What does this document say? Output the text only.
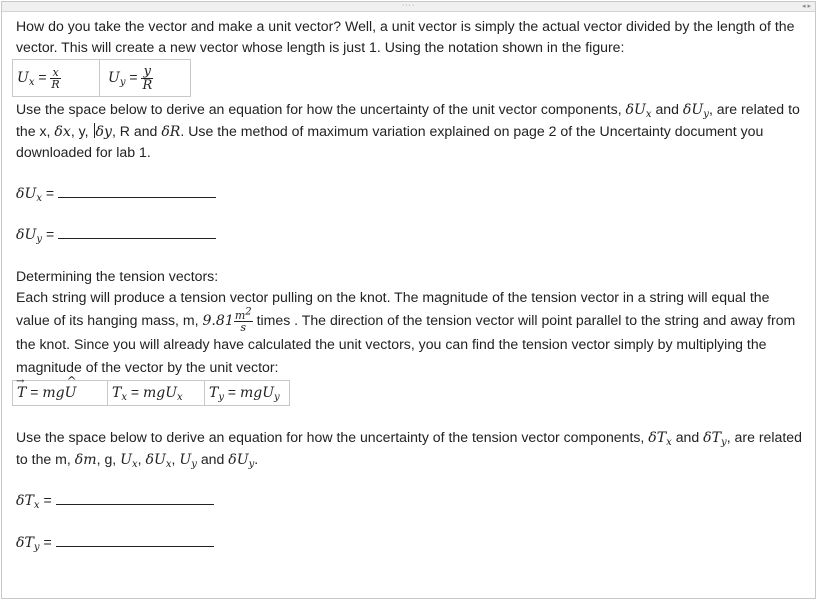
····	◂ ▸

How do you take the vector and make a unit vector? Well, a unit vector is simply the actual vector divided by the length of the vector. This will create a new vector whose length is just 1. Using the notation shown in the figure:

$U_x = \frac{x}{R}$	$U_y = \frac{y}{R}$

Use the space below to derive an equation for how the uncertainty of the unit vector components, $\delta U_x$ and $\delta U_y$, are related to the x, δx, y, δy, R and δR. Use the method of maximum variation explained on page 2 of the Uncertainty document you downloaded for lab 1.

$\delta U_x$ =

$\delta U_y$ =

Determining the tension vectors:

Each string will produce a tension vector pulling on the knot. The magnitude of the tension vector in a string will equal the value of its hanging mass, m, $9.81 \frac{m^2}{s}$ times . The direction of the tension vector will point parallel to the string and away from the knot. Since you will already have calculated the unit vectors, you can find the tension vector simply by multiplying the magnitude of the vector by the unit vector:

→ T = mg^ U	$T_x = mgU_x$	$T_y = mgU_y$

Use the space below to derive an equation for how the uncertainty of the tension vector components, $\delta T_x$ and $\delta T_y$, are related to the m, δm, g, $U_x$, $\delta U_x$, $U_y$ and $\delta U_y$.

$\delta T_x$ =

$\delta T_y$ =
